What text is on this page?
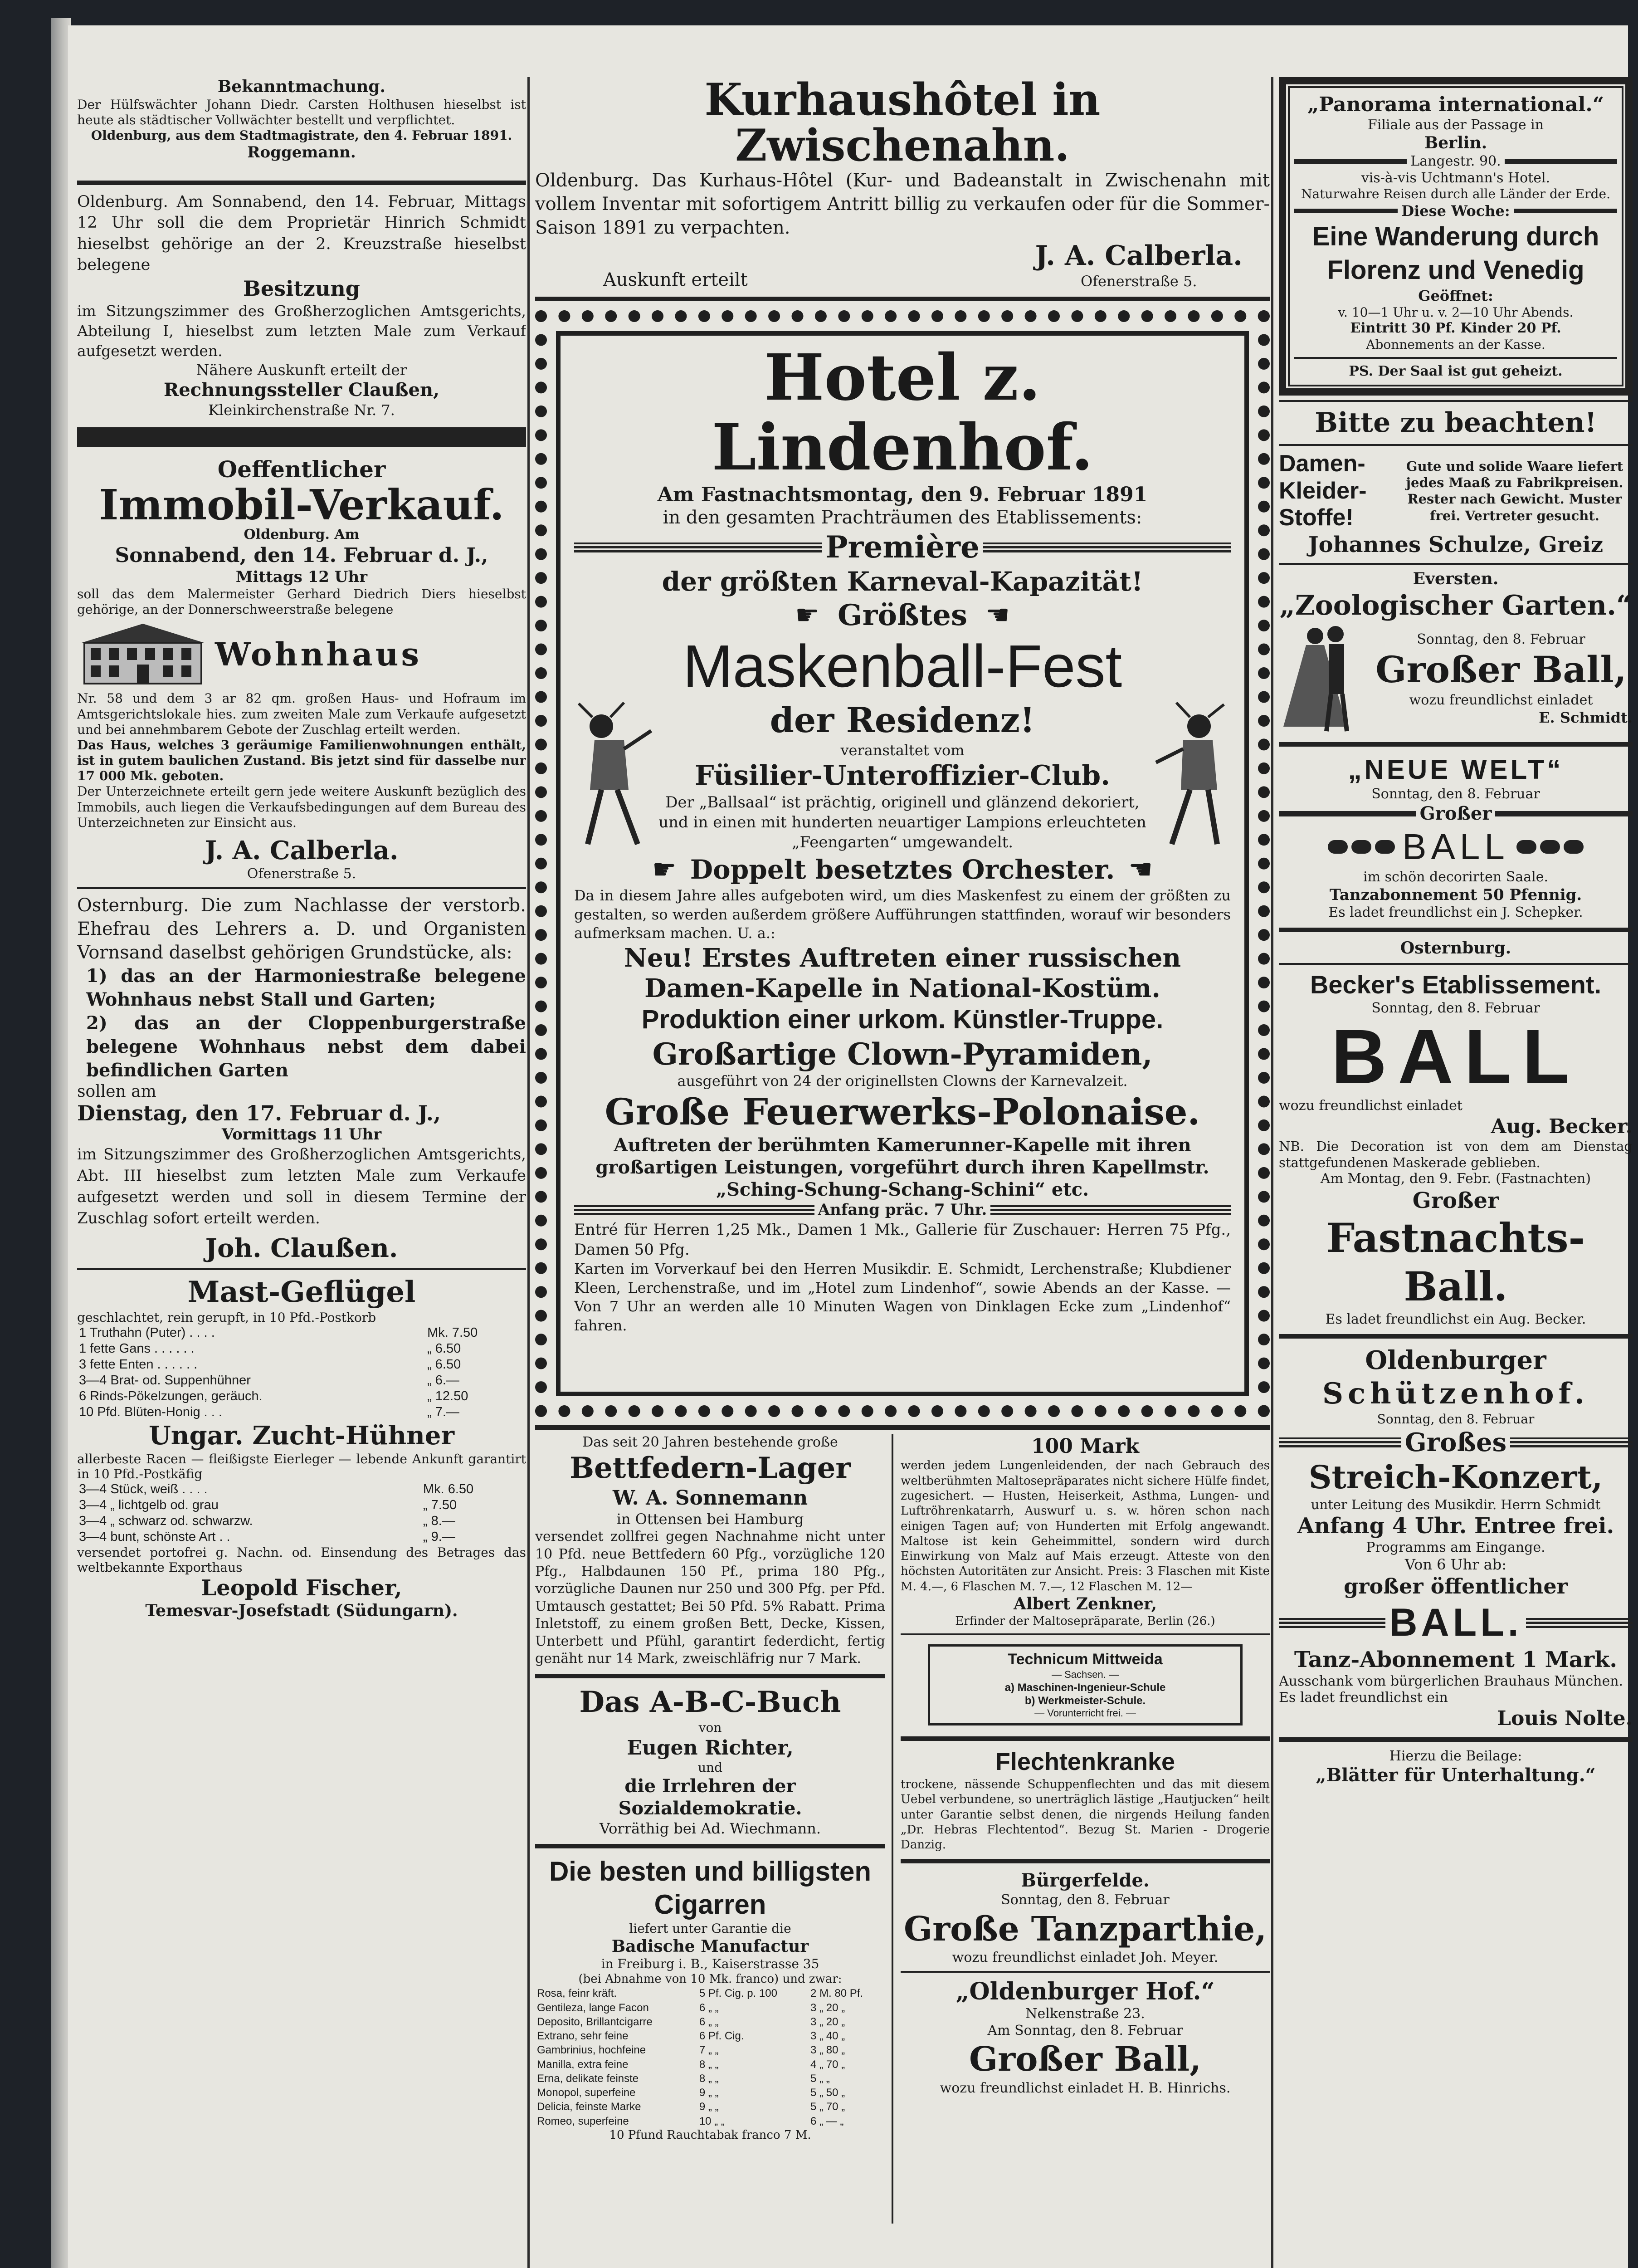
Bekanntmachung.
Der Hülfswächter Johann Diedr. Carsten Holthusen hieselbst ist heute als städtischer Vollwächter bestellt und verpflichtet.
Oldenburg, aus dem Stadtmagistrate, den 4. Februar 1891.
Roggemann.
Oldenburg. Am Sonnabend, den 14. Februar, Mittags 12 Uhr soll die dem Proprietär Hinrich Schmidt hieselbst gehörige an der 2. Kreuzstraße hieselbst belegene
Besitzung
im Sitzungszimmer des Großherzoglichen Amtsgerichts, Abteilung I, hieselbst zum letzten Male zum Verkauf aufgesetzt werden.
Nähere Auskunft erteilt der
Rechnungssteller Claußen,
Kleinkirchenstraße Nr. 7.
Oeffentlicher
Immobil-Verkauf.
Oldenburg. Am
Sonnabend, den 14. Februar d. J.,
Mittags 12 Uhr
soll das dem Malermeister Gerhard Diedrich Diers hieselbst gehörige, an der Donnerschweerstraße belegene
Wohnhaus
Nr. 58 und dem 3 ar 82 qm. großen Haus- und Hofraum im Amtsgerichtslokale hies. zum zweiten Male zum Verkaufe aufgesetzt und bei annehmbarem Gebote der Zuschlag erteilt werden.
Das Haus, welches 3 geräumige Familienwohnungen enthält, ist in gutem baulichen Zustand. Bis jetzt sind für dasselbe nur 17 000 Mk. geboten.
Der Unterzeichnete erteilt gern jede weitere Auskunft bezüglich des Immobils, auch liegen die Verkaufsbedingungen auf dem Bureau des Unterzeichneten zur Einsicht aus.
J. A. Calberla.
Ofenerstraße 5.
Osternburg. Die zum Nachlasse der verstorb. Ehefrau des Lehrers a. D. und Organisten Vornsand daselbst gehörigen Grundstücke, als:
1) das an der Harmoniestraße belegene Wohnhaus nebst Stall und Garten;
2) das an der Cloppenburgerstraße belegene Wohnhaus nebst dem dabei befindlichen Garten
sollen am
Dienstag, den 17. Februar d. J.,
Vormittags 11 Uhr
im Sitzungszimmer des Großherzoglichen Amtsgerichts, Abt. III hieselbst zum letzten Male zum Verkaufe aufgesetzt werden und soll in diesem Termine der Zuschlag sofort erteilt werden.
Joh. Claußen.
Mast-Geflügel
geschlachtet, rein gerupft, in 10 Pfd.-Postkorb
1 Truthahn (Puter) . . . .	Mk. 7.50
1 fette Gans . . . . . .	„ 6.50
3 fette Enten . . . . . .	„ 6.50
3—4 Brat- od. Suppenhühner	„ 6.—
6 Rinds-Pökelzungen, geräuch.	„ 12.50
10 Pfd. Blüten-Honig . . .	„ 7.—
Ungar. Zucht-Hühner
allerbeste Racen — fleißigste Eierleger — lebende Ankunft garantirt in 10 Pfd.-Postkäfig
3—4 Stück, weiß . . . .	Mk. 6.50
3—4 „ lichtgelb od. grau	„ 7.50
3—4 „ schwarz od. schwarzw.	„ 8.—
3—4 bunt, schönste Art . .	„ 9.—
versendet portofrei g. Nachn. od. Einsendung des Betrages das weltbekannte Exporthaus
Leopold Fischer,
Temesvar-Josefstadt (Südungarn).
Kurhaushôtel in Zwischenahn.
Oldenburg. Das Kurhaus-Hôtel (Kur- und Badeanstalt in Zwischenahn mit vollem Inventar mit sofortigem Antritt billig zu verkaufen oder für die Sommer-Saison 1891 zu verpachten.
Auskunft erteilt
J. A. Calberla.
Ofenerstraße 5.
Hotel z. Lindenhof.
Am Fastnachtsmontag, den 9. Februar 1891
in den gesamten Prachträumen des Etablissements:
Première
der größten Karneval-Kapazität!
☛ Größtes ☚
Maskenball-Fest
der Residenz!
veranstaltet vom
Füsilier-Unteroffizier-Club.
Der „Ballsaal“ ist prächtig, originell und glänzend dekoriert, und in einen mit hunderten neuartiger Lampions erleuchteten „Feengarten“ umgewandelt.
☛ Doppelt besetztes Orchester. ☚
Da in diesem Jahre alles aufgeboten wird, um dies Maskenfest zu einem der größten zu gestalten, so werden außerdem größere Aufführungen stattfinden, worauf wir besonders aufmerksam machen. U. a.:
Neu! Erstes Auftreten einer russischen Damen-Kapelle in National-Kostüm.
Produktion einer urkom. Künstler-Truppe.
Großartige Clown-Pyramiden,
ausgeführt von 24 der originellsten Clowns der Karnevalzeit.
Große Feuerwerks-Polonaise.
Auftreten der berühmten Kamerunner-Kapelle mit ihren großartigen Leistungen, vorgeführt durch ihren Kapellmstr. „Sching-Schung-Schang-Schini“ etc.
Anfang präc. 7 Uhr.
Entré für Herren 1,25 Mk., Damen 1 Mk., Gallerie für Zuschauer: Herren 75 Pfg., Damen 50 Pfg.
Karten im Vorverkauf bei den Herren Musikdir. E. Schmidt, Lerchenstraße; Klubdiener Kleen, Lerchenstraße, und im „Hotel zum Lindenhof“, sowie Abends an der Kasse. — Von 7 Uhr an werden alle 10 Minuten Wagen von Dinklagen Ecke zum „Lindenhof“ fahren.
Das seit 20 Jahren bestehende große
Bettfedern-Lager
W. A. Sonnemann
in Ottensen bei Hamburg
versendet zollfrei gegen Nachnahme nicht unter 10 Pfd. neue Bettfedern 60 Pfg., vorzügliche 120 Pfg., Halbdaunen 150 Pf., prima 180 Pfg., vorzügliche Daunen nur 250 und 300 Pfg. per Pfd. Umtausch gestattet; Bei 50 Pfd. 5% Rabatt. Prima Inletstoff, zu einem großen Bett, Decke, Kissen, Unterbett und Pfühl, garantirt federdicht, fertig genäht nur 14 Mark, zweischläfrig nur 7 Mark.
Das A-B-C-Buch
von
Eugen Richter,
und
die Irrlehren der Sozialdemokratie.
Vorräthig bei Ad. Wiechmann.
Die besten und billigsten Cigarren
liefert unter Garantie die
Badische Manufactur
in Freiburg i. B., Kaiserstrasse 35
(bei Abnahme von 10 Mk. franco) und zwar:
Rosa, feinr kräft.	5 Pf. Cig. p. 100	2 M. 80 Pf.
Gentileza, lange Facon	6 „ „	3 „ 20 „
Deposito, Brillantcigarre	6 „ „	3 „ 20 „
Extrano, sehr feine	6 Pf. Cig.	3 „ 40 „
Gambrinius, hochfeine	7 „ „	3 „ 80 „
Manilla, extra feine	8 „ „	4 „ 70 „
Erna, delikate feinste	8 „ „	5 „ „
Monopol, superfeine	9 „ „	5 „ 50 „
Delicia, feinste Marke	9 „ „	5 „ 70 „
Romeo, superfeine	10 „ „	6 „ — „
10 Pfund Rauchtabak franco 7 M.
100 Mark
werden jedem Lungenleidenden, der nach Gebrauch des weltberühmten Maltosepräparates nicht sichere Hülfe findet, zugesichert. — Husten, Heiserkeit, Asthma, Lungen- und Luftröhrenkatarrh, Auswurf u. s. w. hören schon nach einigen Tagen auf; von Hunderten mit Erfolg angewandt. Maltose ist kein Geheimmittel, sondern wird durch Einwirkung von Malz auf Mais erzeugt. Atteste von den höchsten Autoritäten zur Ansicht. Preis: 3 Flaschen mit Kiste M. 4.—, 6 Flaschen M. 7.—, 12 Flaschen M. 12—
Albert Zenkner,
Erfinder der Maltosepräparate, Berlin (26.)
Technicum Mittweida
— Sachsen. —
a) Maschinen-Ingenieur-Schule
b) Werkmeister-Schule.
— Vorunterricht frei. —
Flechtenkranke
trockene, nässende Schuppenflechten und das mit diesem Uebel verbundene, so unerträglich lästige „Hautjucken“ heilt unter Garantie selbst denen, die nirgends Heilung fanden „Dr. Hebras Flechtentod“. Bezug St. Marien - Drogerie Danzig.
Bürgerfelde.
Sonntag, den 8. Februar
Große Tanzparthie,
wozu freundlichst einladet Joh. Meyer.
„Oldenburger Hof.“
Nelkenstraße 23.
Am Sonntag, den 8. Februar
Großer Ball,
wozu freundlichst einladet H. B. Hinrichs.
„Panorama international.“
Filiale aus der Passage in
Berlin.
Langestr. 90.
vis-à-vis Uchtmann's Hotel.
Naturwahre Reisen durch alle Länder der Erde.
Diese Woche:
Eine Wanderung durch Florenz und Venedig
Geöffnet:
v. 10—1 Uhr u. v. 2—10 Uhr Abends.
Eintritt 30 Pf. Kinder 20 Pf.
Abonnements an der Kasse.
PS. Der Saal ist gut geheizt.
Bitte zu beachten!
Damen-Kleider-Stoffe!
Gute und solide Waare liefert jedes Maaß zu Fabrikpreisen. Rester nach Gewicht. Muster frei. Vertreter gesucht.
Johannes Schulze, Greiz
Eversten.
„Zoologischer Garten.“
Sonntag, den 8. Februar
Großer Ball,
wozu freundlichst einladet
E. Schmidt.
„NEUE WELT“
Sonntag, den 8. Februar
Großer
BALL
im schön decorirten Saale.
Tanzabonnement 50 Pfennig.
Es ladet freundlichst ein J. Schepker.
Osternburg.
Becker's Etablissement.
Sonntag, den 8. Februar
BALL
wozu freundlichst einladet
Aug. Becker.
NB. Die Decoration ist von dem am Dienstag stattgefundenen Maskerade geblieben.
Am Montag, den 9. Febr. (Fastnachten)
Großer
Fastnachts-Ball.
Es ladet freundlichst ein Aug. Becker.
Oldenburger
Schützenhof.
Sonntag, den 8. Februar
Großes
Streich-Konzert,
unter Leitung des Musikdir. Herrn Schmidt
Anfang 4 Uhr. Entree frei.
Programms am Eingange.
Von 6 Uhr ab:
großer öffentlicher
BALL.
Tanz-Abonnement 1 Mark.
Ausschank vom bürgerlichen Brauhaus München.
Es ladet freundlichst ein
Louis Nolte.
Hierzu die Beilage:
„Blätter für Unterhaltung.“
